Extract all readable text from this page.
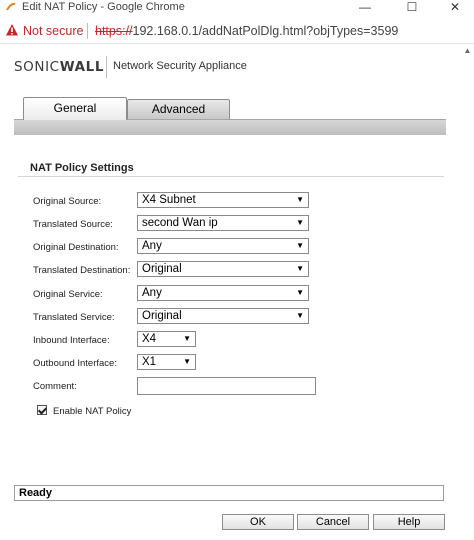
Edit NAT Policy - Google Chrome	—	☐	✕
Not secure https://192.168.0.1/addNatPolDlg.html?objTypes=3599
▲
SONICWALL Network Security Appliance
General	Advanced
NAT Policy Settings
Original Source:	X4 Subnet	▼
Translated Source:	second Wan ip	▼
Original Destination:	Any	▼
Translated Destination:	Original	▼
Original Service:	Any	▼
Translated Service:	Original	▼
Inbound Interface:	X4	▼
Outbound Interface:	X1	▼
Comment:
Enable NAT Policy
Ready
OK	Cancel	Help
